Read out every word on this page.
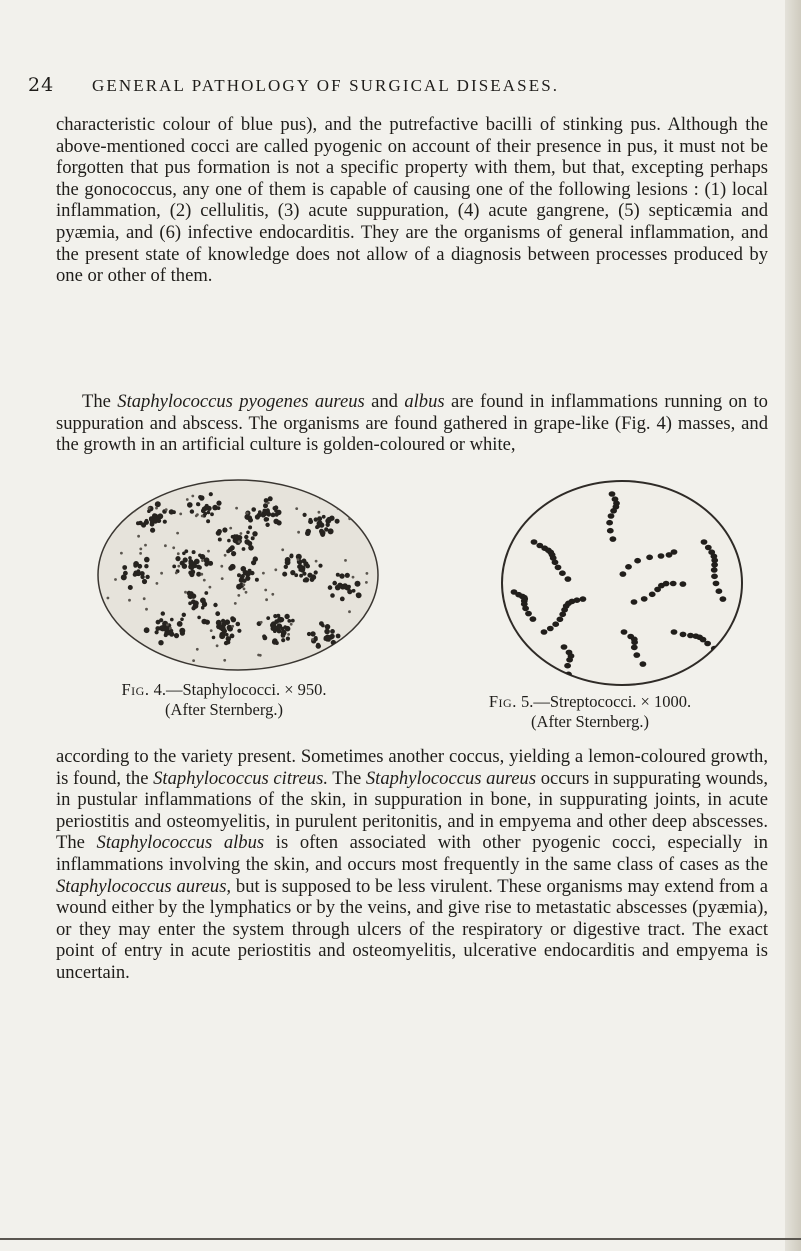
24 GENERAL PATHOLOGY OF SURGICAL DISEASES.

characteristic colour of blue pus), and the putrefactive bacilli of stinking pus. Although the above-mentioned cocci are called pyogenic on account of their presence in pus, it must not be forgotten that pus formation is not a specific property with them, but that, excepting perhaps the gonococcus, any one of them is capable of causing one of the following lesions : (1) local inflammation, (2) cellulitis, (3) acute suppuration, (4) acute gangrene, (5) septicæmia and pyæmia, and (6) infective endocarditis. They are the organisms of general inflammation, and the present state of knowledge does not allow of a diagnosis between processes produced by one or other of them.

The Staphylococcus pyogenes aureus and albus are found in inflammations running on to suppuration and abscess. The organisms are found gathered in grape-like (Fig. 4) masses, and the growth in an artificial culture is golden-coloured or white,

Fig. 4.—Staphylococci. × 950.
(After Sternberg.)	Fig. 5.—Streptococci. × 1000.
(After Sternberg.)

according to the variety present. Sometimes another coccus, yielding a lemon-coloured growth, is found, the Staphylococcus citreus. The Staphylococcus aureus occurs in suppurating wounds, in pustular inflammations of the skin, in suppuration in bone, in suppurating joints, in acute periostitis and osteomyelitis, in purulent peritonitis, and in empyema and other deep abscesses. The Staphylococcus albus is often associated with other pyogenic cocci, especially in inflammations involving the skin, and occurs most frequently in the same class of cases as the Staphylococcus aureus, but is supposed to be less virulent. These organisms may extend from a wound either by the lymphatics or by the veins, and give rise to metastatic abscesses (pyæmia), or they may enter the system through ulcers of the respiratory or digestive tract. The exact point of entry in acute periostitis and osteomyelitis, ulcerative endocarditis and empyema is uncertain.
